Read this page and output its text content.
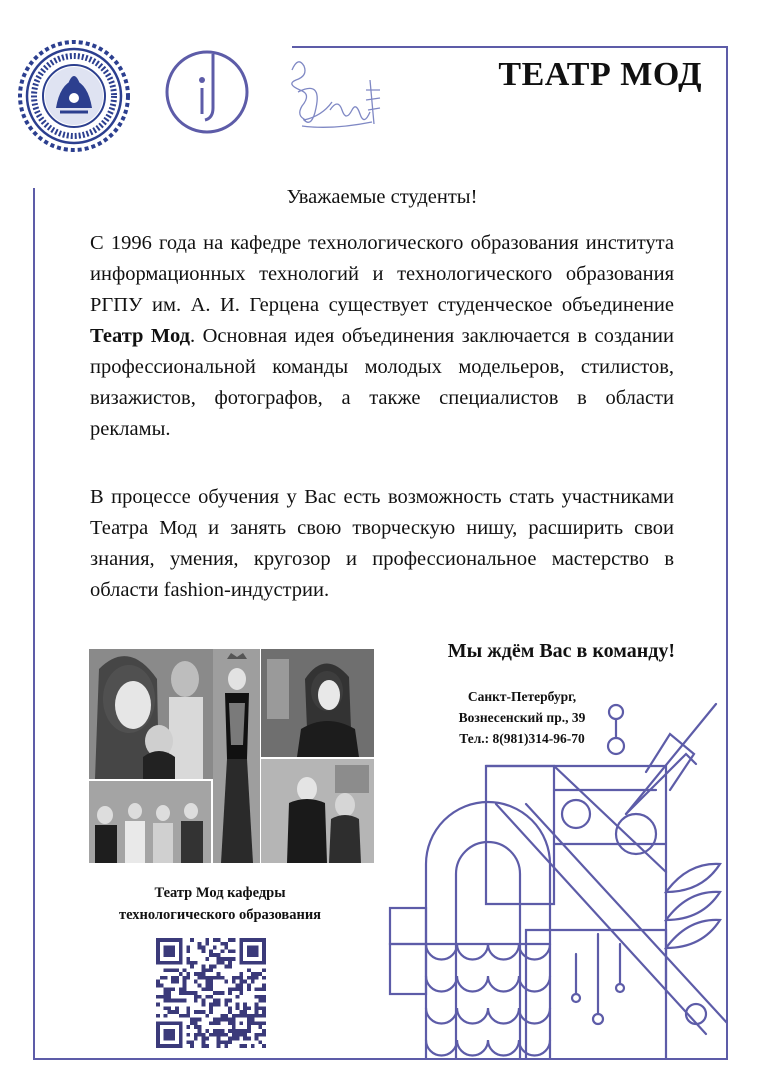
ТЕАТР МОД
Уважаемые студенты!

С 1996 года на кафедре технологического образования института информационных технологий и технологического образования РГПУ им. А. И. Герцена существует студенческое объединение Театр Мод. Основная идея объединения заключается в создании профессиональной команды молодых модельеров, стилистов, визажистов, фотографов, а также специалистов в области рекламы.

В процессе обучения у Вас есть возможность стать участниками Театра Мод и занять свою творческую нишу, расширить свои знания, умения, кругозор и профессиональное мастерство в области fashion-индустрии.

Мы ждём Вас в команду!
Санкт-Петербург,
Вознесенский пр., 39
Тел.: 8(981)314-96-70
Театр Мод кафедры
технологического образования
